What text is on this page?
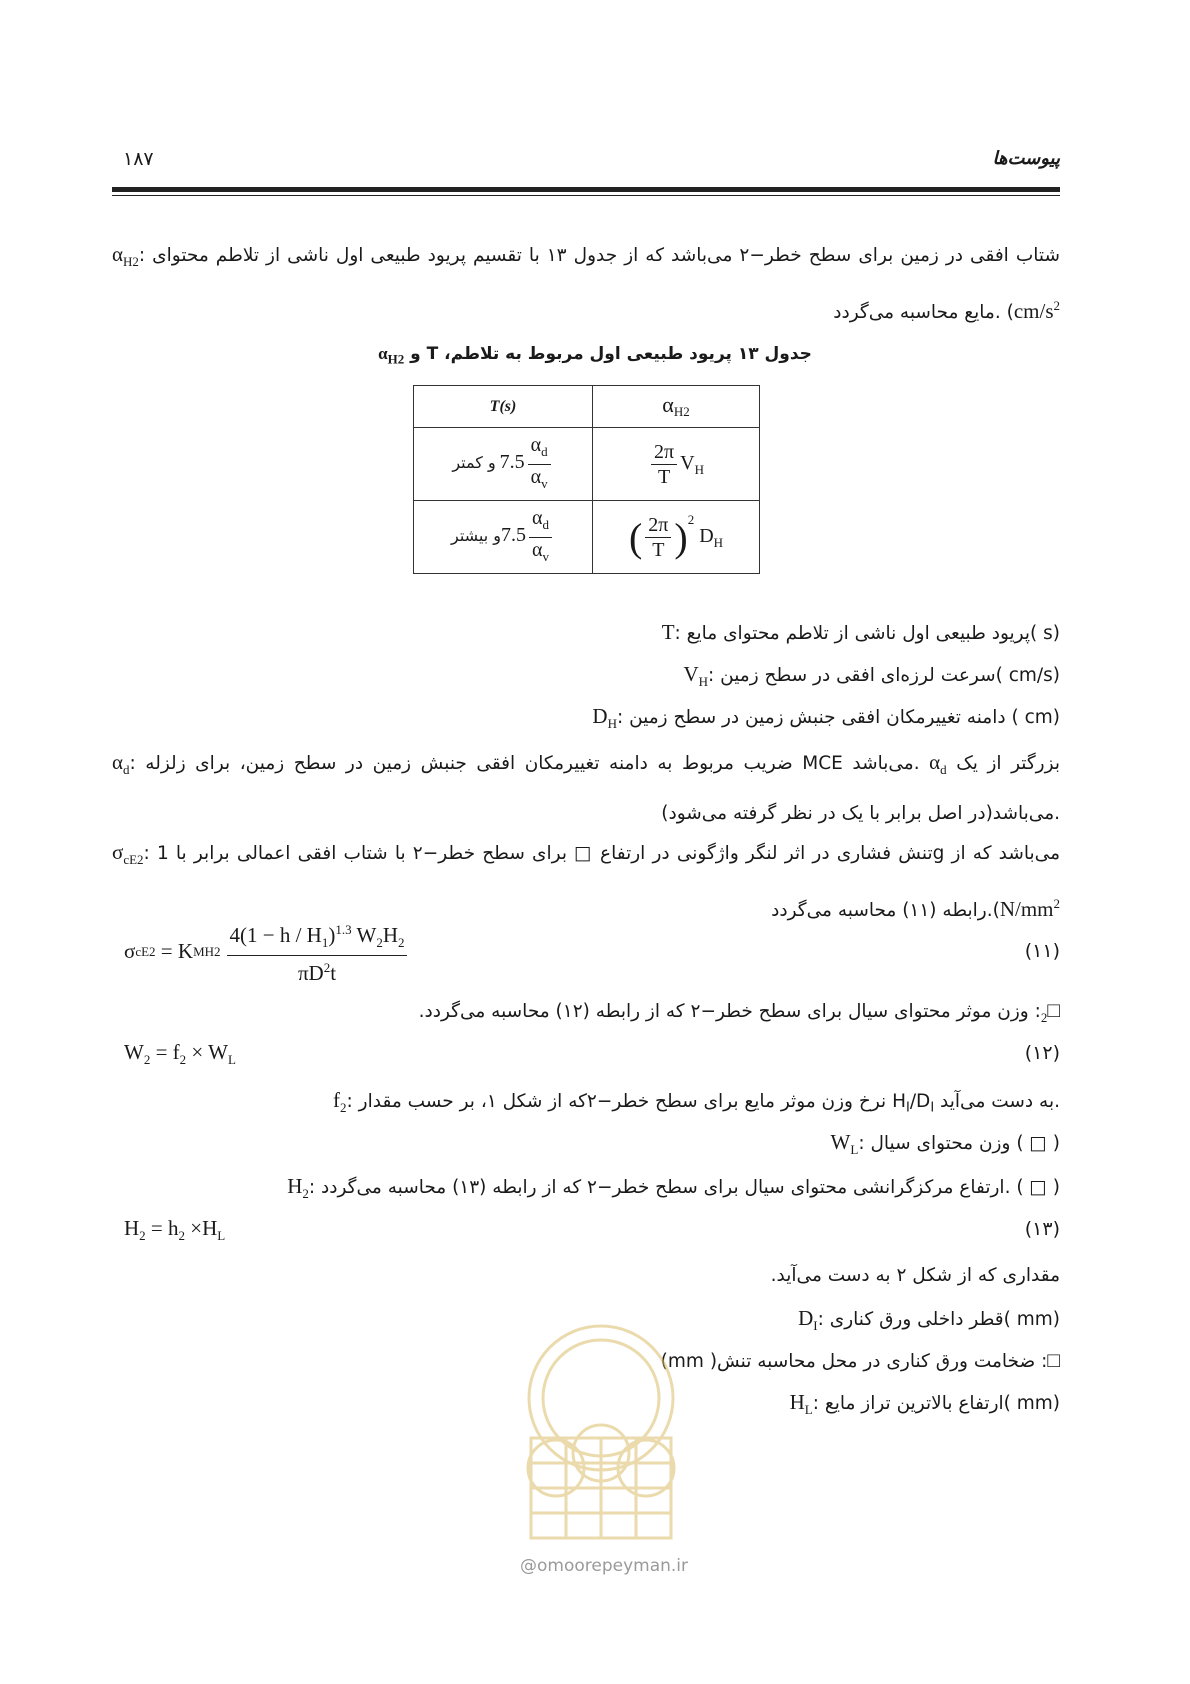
۱۸۷	پیوست‌ها
$\alpha_{H2}$: شتاب افقی در زمین برای سطح خطر−۲ می‌باشد که از جدول ۱۳ با تقسیم پریود طبیعی اول ناشی از تلاطم محتوای مایع محاسبه می‌گردد. ($cm/s^2$
جدول ۱۳ پریود طبیعی اول مربوط به تلاطم، T و $\alpha_{H2}$
T(s)	$\alpha_{H2}$
و کمتر $7.5 \frac{\alpha_d}{\alpha_v}$	$\frac{2\pi}{T} V_H$
و بیشتر7.5 $\frac{\alpha_d}{\alpha_v}$	( $\frac{2\pi}{T} )^2$ $D_H$
T: پریود طبیعی اول ناشی از تلاطم محتوای مایع( s)
$V_H$: سرعت لرزه‌ای افقی در سطح زمین( cm/s)
$D_H$: دامنه تغییرمکان افقی جنبش زمین در سطح زمین ( cm)
$\alpha_d$: ضریب مربوط به دامنه تغییرمکان افقی جنبش زمین در سطح زمین، برای زلزله MCE می‌باشد. $\alpha_d$ بزرگتر از یک می‌باشد(در اصل برابر با یک در نظر گرفته می‌شود).
$\sigma_{cE2}$: تنش فشاری در اثر لنگر واژگونی در ارتفاع □ برای سطح خطر−۲ با شتاب افقی اعمالی برابر با 1g می‌باشد که از رابطه (۱۱) محاسبه $می‌گردد.(N/mm^2$
σ cE2 = K $MH2 \frac{4(1 - h / H_1)^{1.3} W_2H_2}{\pi D^2t}$	(۱۱)
$□_2$: وزن موثر محتوای سیال برای سطح خطر−۲ که از رابطه (۱۲) محاسبه می‌گردد.
$W_2 = f_2 \times W_L$	(۱۲)
$f_2$: نرخ وزن موثر مایع برای سطح خطر−۲که از شکل ۱، بر حسب مقدار $H_I/D_I$ به دست می‌آید.
$W_L$: وزن محتوای سیال ( □ )
$H_2$: ارتفاع مرکزگرانشی محتوای سیال برای سطح خطر−۲ که از رابطه (۱۳) محاسبه می‌گردد. ( □ )
$H_2 = h_2 \times H_L$	(۱۳)
مقداری که از شکل ۲ به دست می‌آید.
$D_I$: قطر داخلی ورق کناری( mm)
□: ضخامت ورق کناری در محل محاسبه تنش( mm)
$H_L$: ارتفاع بالاترین تراز مایع( mm)
@omoorepeyman.ir
